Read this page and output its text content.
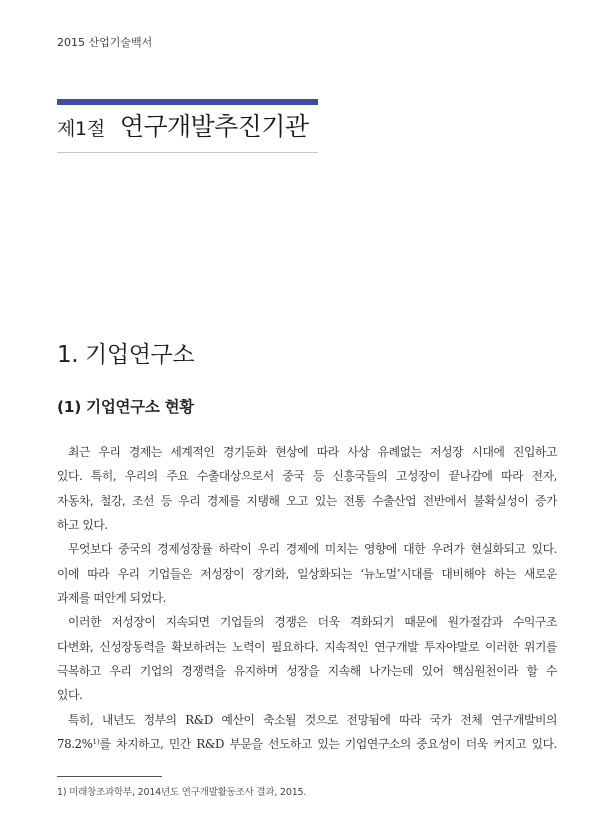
2015 산업기술백서
제1절 연구개발추진기관
1. 기업연구소
(1) 기업연구소 현황
최근 우리 경제는 세계적인 경기둔화 현상에 따라 사상 유례없는 저성장 시대에 진입하고
있다. 특히, 우리의 주요 수출대상으로서 중국 등 신흥국들의 고성장이 끝나감에 따라 전자,
자동차, 철강, 조선 등 우리 경제를 지탱해 오고 있는 전통 수출산업 전반에서 불확실성이 증가
하고 있다.
무엇보다 중국의 경제성장률 하락이 우리 경제에 미치는 영향에 대한 우려가 현실화되고 있다.
이에 따라 우리 기업들은 저성장이 장기화, 일상화되는 ‘뉴노멀’시대를 대비해야 하는 새로운
과제를 떠안게 되었다.
이러한 저성장이 지속되면 기업들의 경쟁은 더욱 격화되기 때문에 원가절감과 수익구조
다변화, 신성장동력을 확보하려는 노력이 필요하다. 지속적인 연구개발 투자야말로 이러한 위기를
극복하고 우리 기업의 경쟁력을 유지하며 성장을 지속해 나가는데 있어 핵심원천이라 할 수
있다.
특히, 내년도 정부의 R&D 예산이 축소될 것으로 전망됨에 따라 국가 전체 연구개발비의
78.2%$^{1)}$를 차지하고, 민간 R&D 부문을 선도하고 있는 기업연구소의 중요성이 더욱 커지고 있다.
1) 미래창조과학부, 2014년도 연구개발활동조사 결과, 2015.
